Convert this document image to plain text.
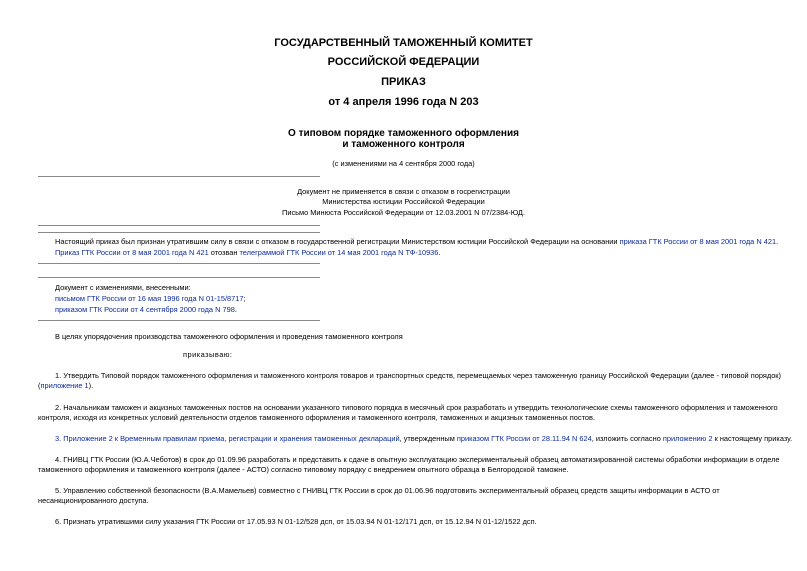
ГОСУДАРСТВЕННЫЙ ТАМОЖЕННЫЙ КОМИТЕТ

РОССИЙСКОЙ ФЕДЕРАЦИИ

ПРИКАЗ

от 4 апреля 1996 года N 203

О типовом порядке таможенного оформления

и таможенного контроля

(с изменениями на 4 сентября 2000 года)

Документ не применяется в связи с отказом в госрегистрации

Министерства юстиции Российской Федерации

Письмо Минюста Российской Федерации от 12.03.2001 N 07/2384-ЮД.

Настоящий приказ был признан утратившим силу в связи с отказом в государственной регистрации Министерством юстиции Российской Федерации на основании приказа ГТК России от 8 мая 2001 года N 421.

Приказ ГТК России от 8 мая 2001 года N 421 отозван телеграммой ГТК России от 14 мая 2001 года N ТФ-10936.

Документ с изменениями, внесенными:

письмом ГТК России от 16 мая 1996 года N 01-15/8717;

приказом ГТК России от 4 сентября 2000 года N 798.

В целях упорядочения производства таможенного оформления и проведения таможенного контроля

приказываю:

1. Утвердить Типовой порядок таможенного оформления и таможенного контроля товаров и транспортных средств, перемещаемых через таможенную границу Российской Федерации (далее - типовой порядок)

(приложение 1).

2. Начальникам таможен и акцизных таможенных постов на основании указанного типового порядка в месячный срок разработать и утвердить технологические схемы таможенного оформления и таможенного

контроля, исходя из конкретных условий деятельности отделов таможенного оформления и таможенного контроля, таможенных и акцизных таможенных постов.

3. Приложение 2 к Временным правилам приема, регистрации и хранения таможенных деклараций, утвержденным приказом ГТК России от 28.11.94 N 624, изложить согласно приложению 2 к настоящему приказу.

4. ГНИВЦ ГТК России (Ю.А.Чеботов) в срок до 01.09.96 разработать и представить к сдаче в опытную эксплуатацию экспериментальный образец автоматизированной системы обработки информации в отделе

таможенного оформления и таможенного контроля (далее - АСТО) согласно типовому порядку с внедрением опытного образца в Белгородской таможне.

5. Управлению собственной безопасности (В.А.Мамельев) совместно с ГНИВЦ ГТК России в срок до 01.06.96 подготовить экспериментальный образец средств защиты информации в АСТО от

несанкционированного доступа.

6. Признать утратившими силу указания ГТК России от 17.05.93 N 01-12/528 дсп, от 15.03.94 N 01-12/171 дсп, от 15.12.94 N 01-12/1522 дсп.
